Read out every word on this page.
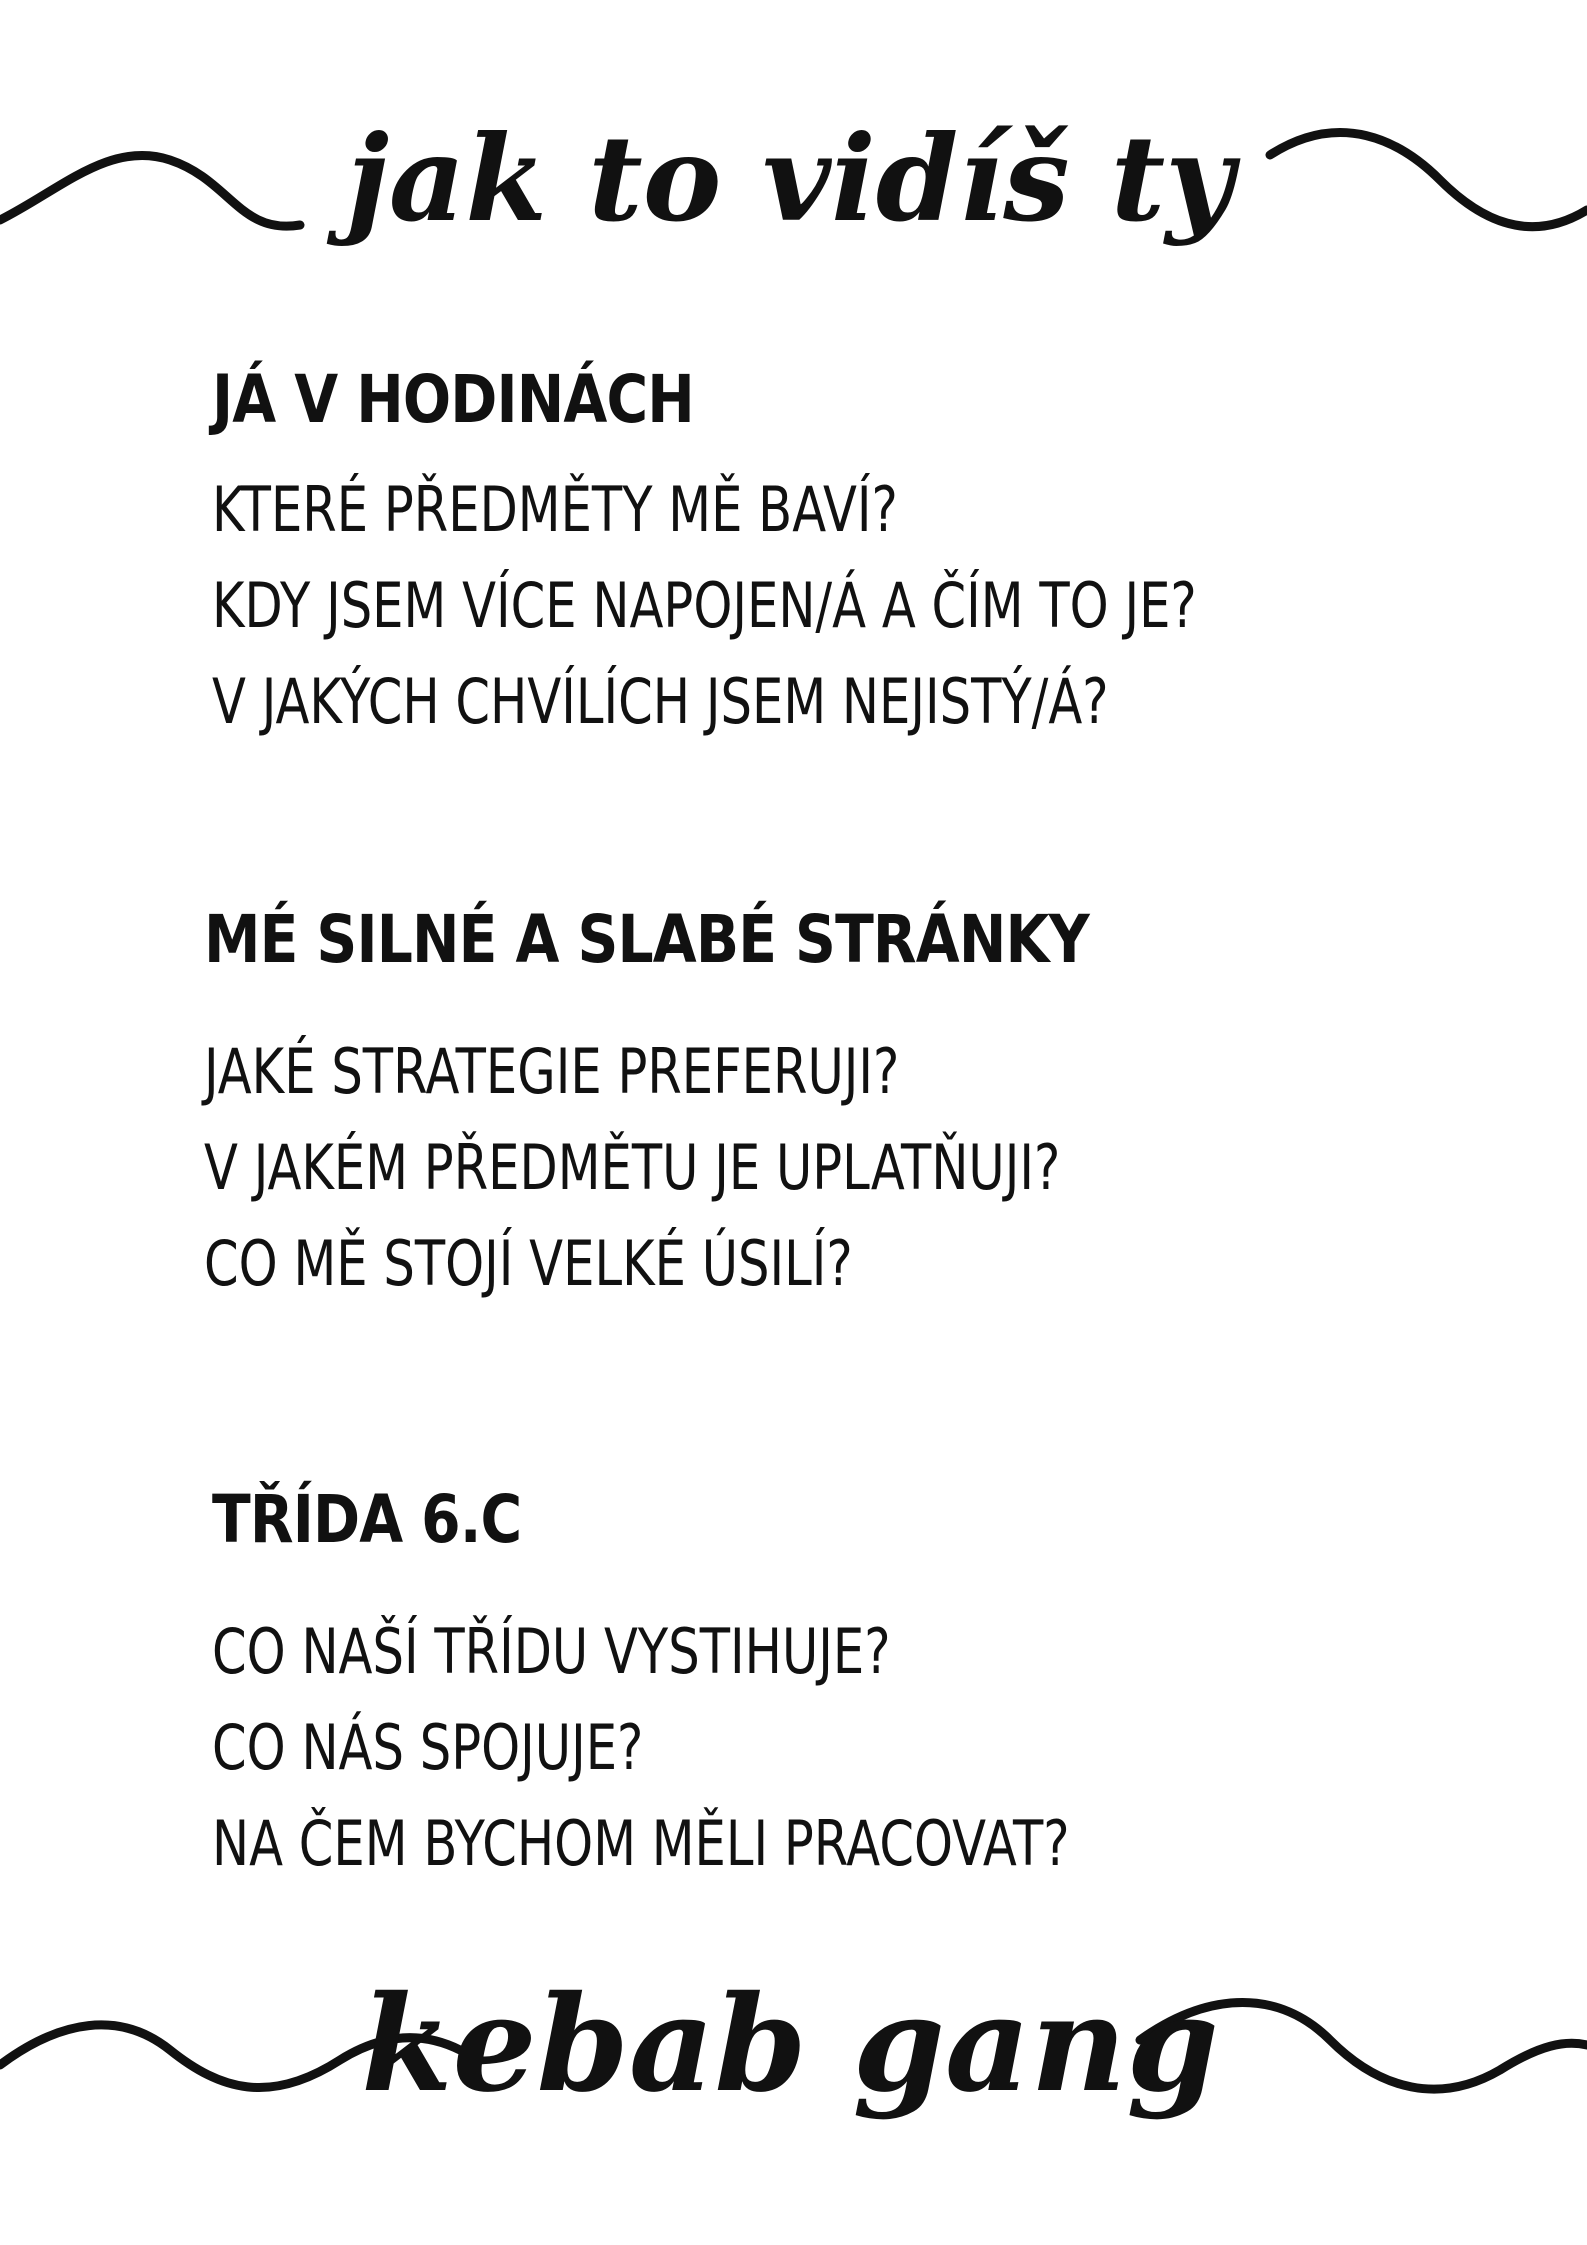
jak to vidíš ty
JÁ V HODINÁCH
KTERÉ PŘEDMĚTY MĚ BAVÍ?
KDY JSEM VÍCE NAPOJEN/Á A ČÍM TO JE?
V JAKÝCH CHVÍLÍCH JSEM NEJISTÝ/Á?
MÉ SILNÉ A SLABÉ STRÁNKY
JAKÉ STRATEGIE PREFERUJI?
V JAKÉM PŘEDMĚTU JE UPLATŇUJI?
CO MĚ STOJÍ VELKÉ ÚSILÍ?
TŘÍDA 6.C
CO NAŠÍ TŘÍDU VYSTIHUJE?
CO NÁS SPOJUJE?
NA ČEM BYCHOM MĚLI PRACOVAT?
kebab gang
